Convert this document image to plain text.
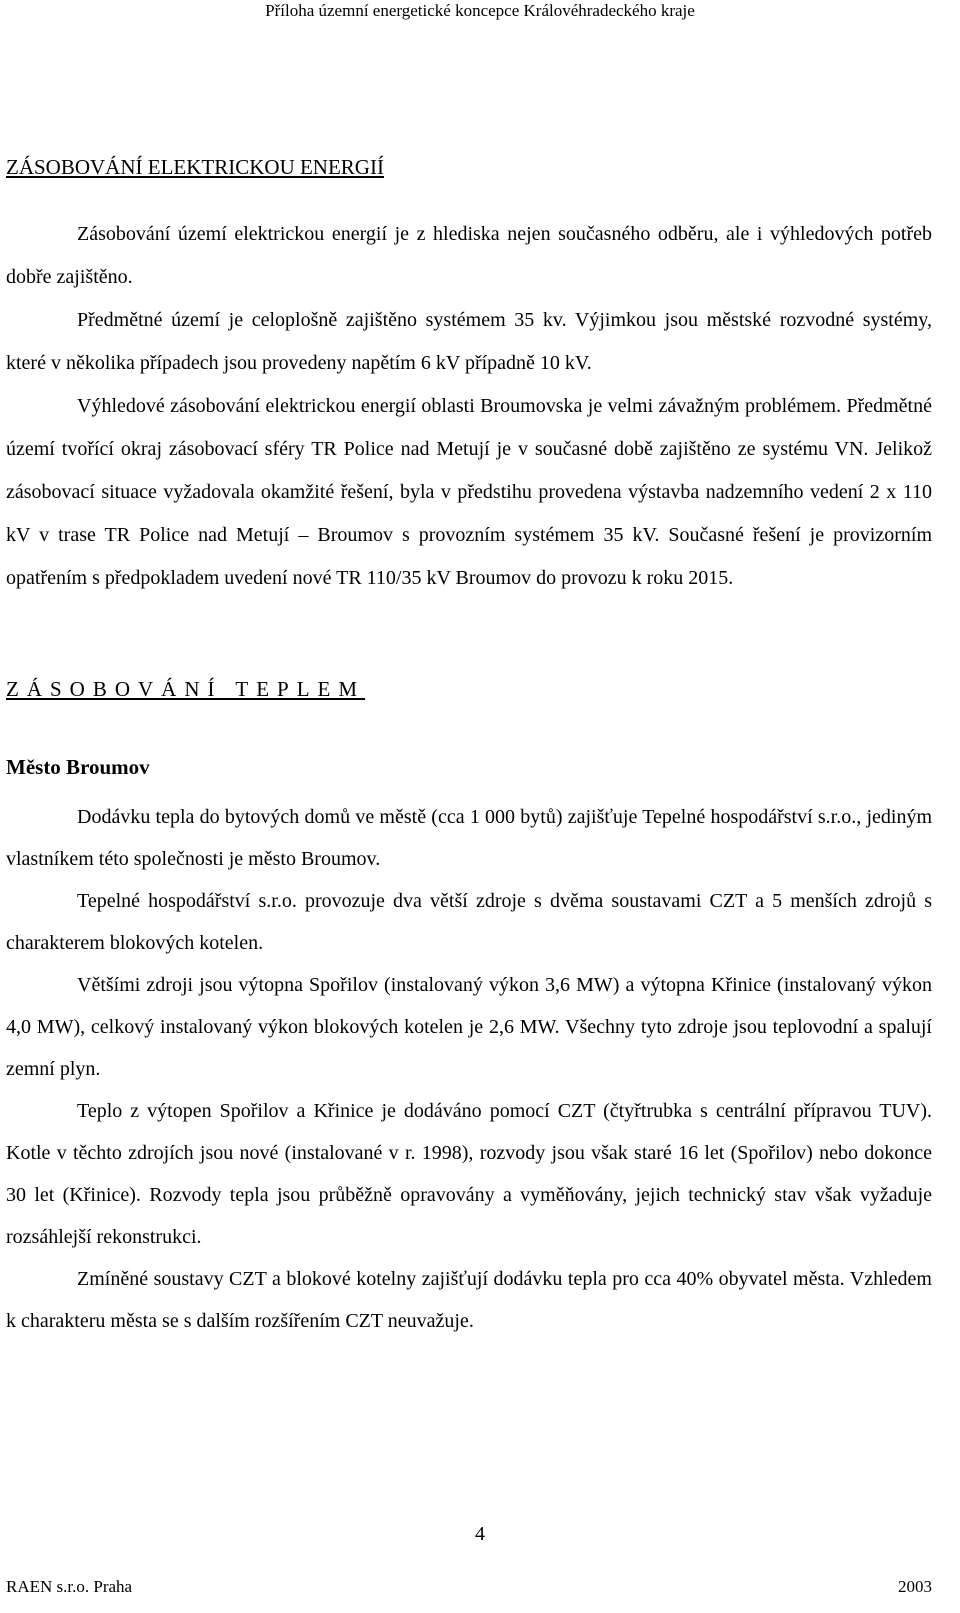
Příloha územní energetické koncepce Královéhradeckého kraje
ZÁSOBOVÁNÍ ELEKTRICKOU ENERGIÍ

Zásobování území elektrickou energií je z hlediska nejen současného odběru, ale i výhledových potřeb dobře zajištěno.

Předmětné území je celoplošně zajištěno systémem 35 kv. Výjimkou jsou městské rozvodné systémy, které v několika případech jsou provedeny napětím 6 kV případně 10 kV.

Výhledové zásobování elektrickou energií oblasti Broumovska je velmi závažným problémem. Předmětné území tvořící okraj zásobovací sféry TR Police nad Metují je v současné době zajištěno ze systému VN. Jelikož zásobovací situace vyžadovala okamžité řešení, byla v předstihu provedena výstavba nadzemního vedení 2 x 110 kV v trase TR Police nad Metují – Broumov s provozním systémem 35 kV. Současné řešení je provizorním opatřením s předpokladem uvedení nové TR 110/35 kV Broumov do provozu k roku 2015.

ZÁSOBOVÁNÍ TEPLEM
Město Broumov

Dodávku tepla do bytových domů ve městě (cca 1 000 bytů) zajišťuje Tepelné hospodářství s.r.o., jediným vlastníkem této společnosti je město Broumov.

Tepelné hospodářství s.r.o. provozuje dva větší zdroje s dvěma soustavami CZT a 5 menších zdrojů s charakterem blokových kotelen.

Většími zdroji jsou výtopna Spořilov (instalovaný výkon 3,6 MW) a výtopna Křinice (instalovaný výkon 4,0 MW), celkový instalovaný výkon blokových kotelen je 2,6 MW. Všechny tyto zdroje jsou teplovodní a spalují zemní plyn.

Teplo z výtopen Spořilov a Křinice je dodáváno pomocí CZT (čtyřtrubka s centrální přípravou TUV). Kotle v těchto zdrojích jsou nové (instalované v r. 1998), rozvody jsou však staré 16 let (Spořilov) nebo dokonce 30 let (Křinice). Rozvody tepla jsou průběžně opravovány a vyměňovány, jejich technický stav však vyžaduje rozsáhlejší rekonstrukci.

Zmíněné soustavy CZT a blokové kotelny zajišťují dodávku tepla pro cca 40% obyvatel města. Vzhledem k charakteru města se s dalším rozšířením CZT neuvažuje.

4
RAEN s.r.o. Praha	2003
